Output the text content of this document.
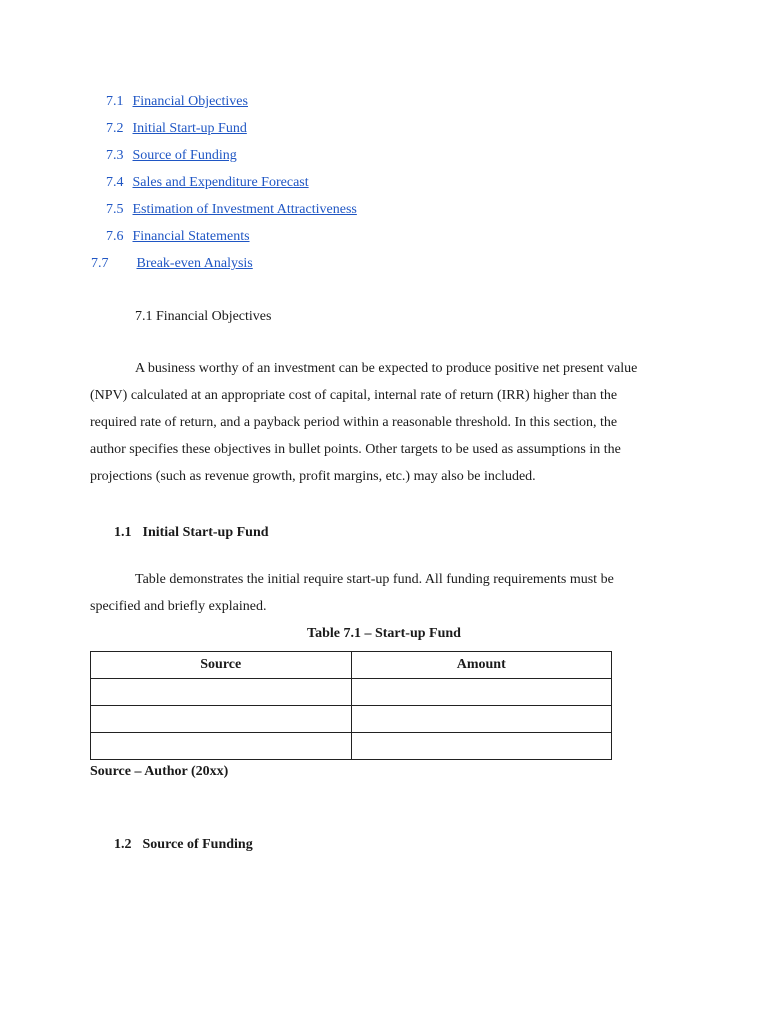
7.1 Financial Objectives
7.2 Initial Start-up Fund
7.3 Source of Funding
7.4 Sales and Expenditure Forecast
7.5 Estimation of Investment Attractiveness
7.6 Financial Statements
7.7 Break-even Analysis
7.1 Financial Objectives
A business worthy of an investment can be expected to produce positive net present value
(NPV) calculated at an appropriate cost of capital, internal rate of return (IRR) higher than the
required rate of return, and a payback period within a reasonable threshold. In this section, the
author specifies these objectives in bullet points. Other targets to be used as assumptions in the
projections (such as revenue growth, profit margins, etc.) may also be included.
1.1 Initial Start-up Fund
Table demonstrates the initial require start-up fund. All funding requirements must be
specified and briefly explained.
Table 7.1 – Start-up Fund
Source	Amount

Source – Author (20xx)
1.2 Source of Funding
